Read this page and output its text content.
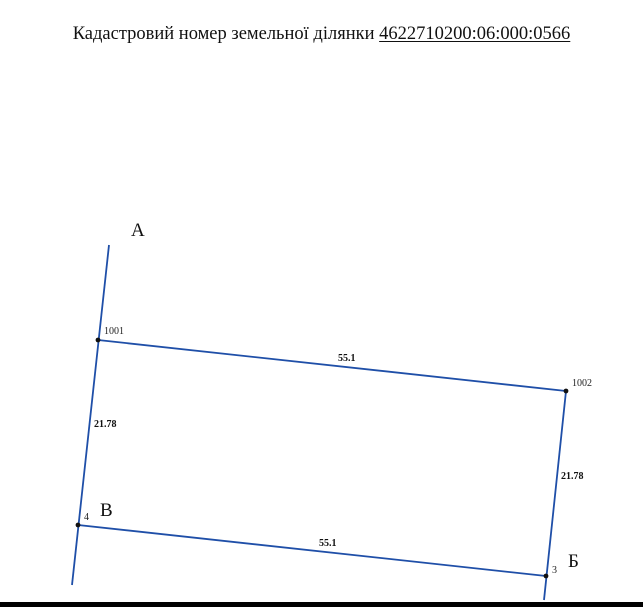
Кадастровий номер земельної ділянки 4622710200:06:000:0566
1001
1002
3
4
55.1
55.1
21.78
21.78
А
В
Б
